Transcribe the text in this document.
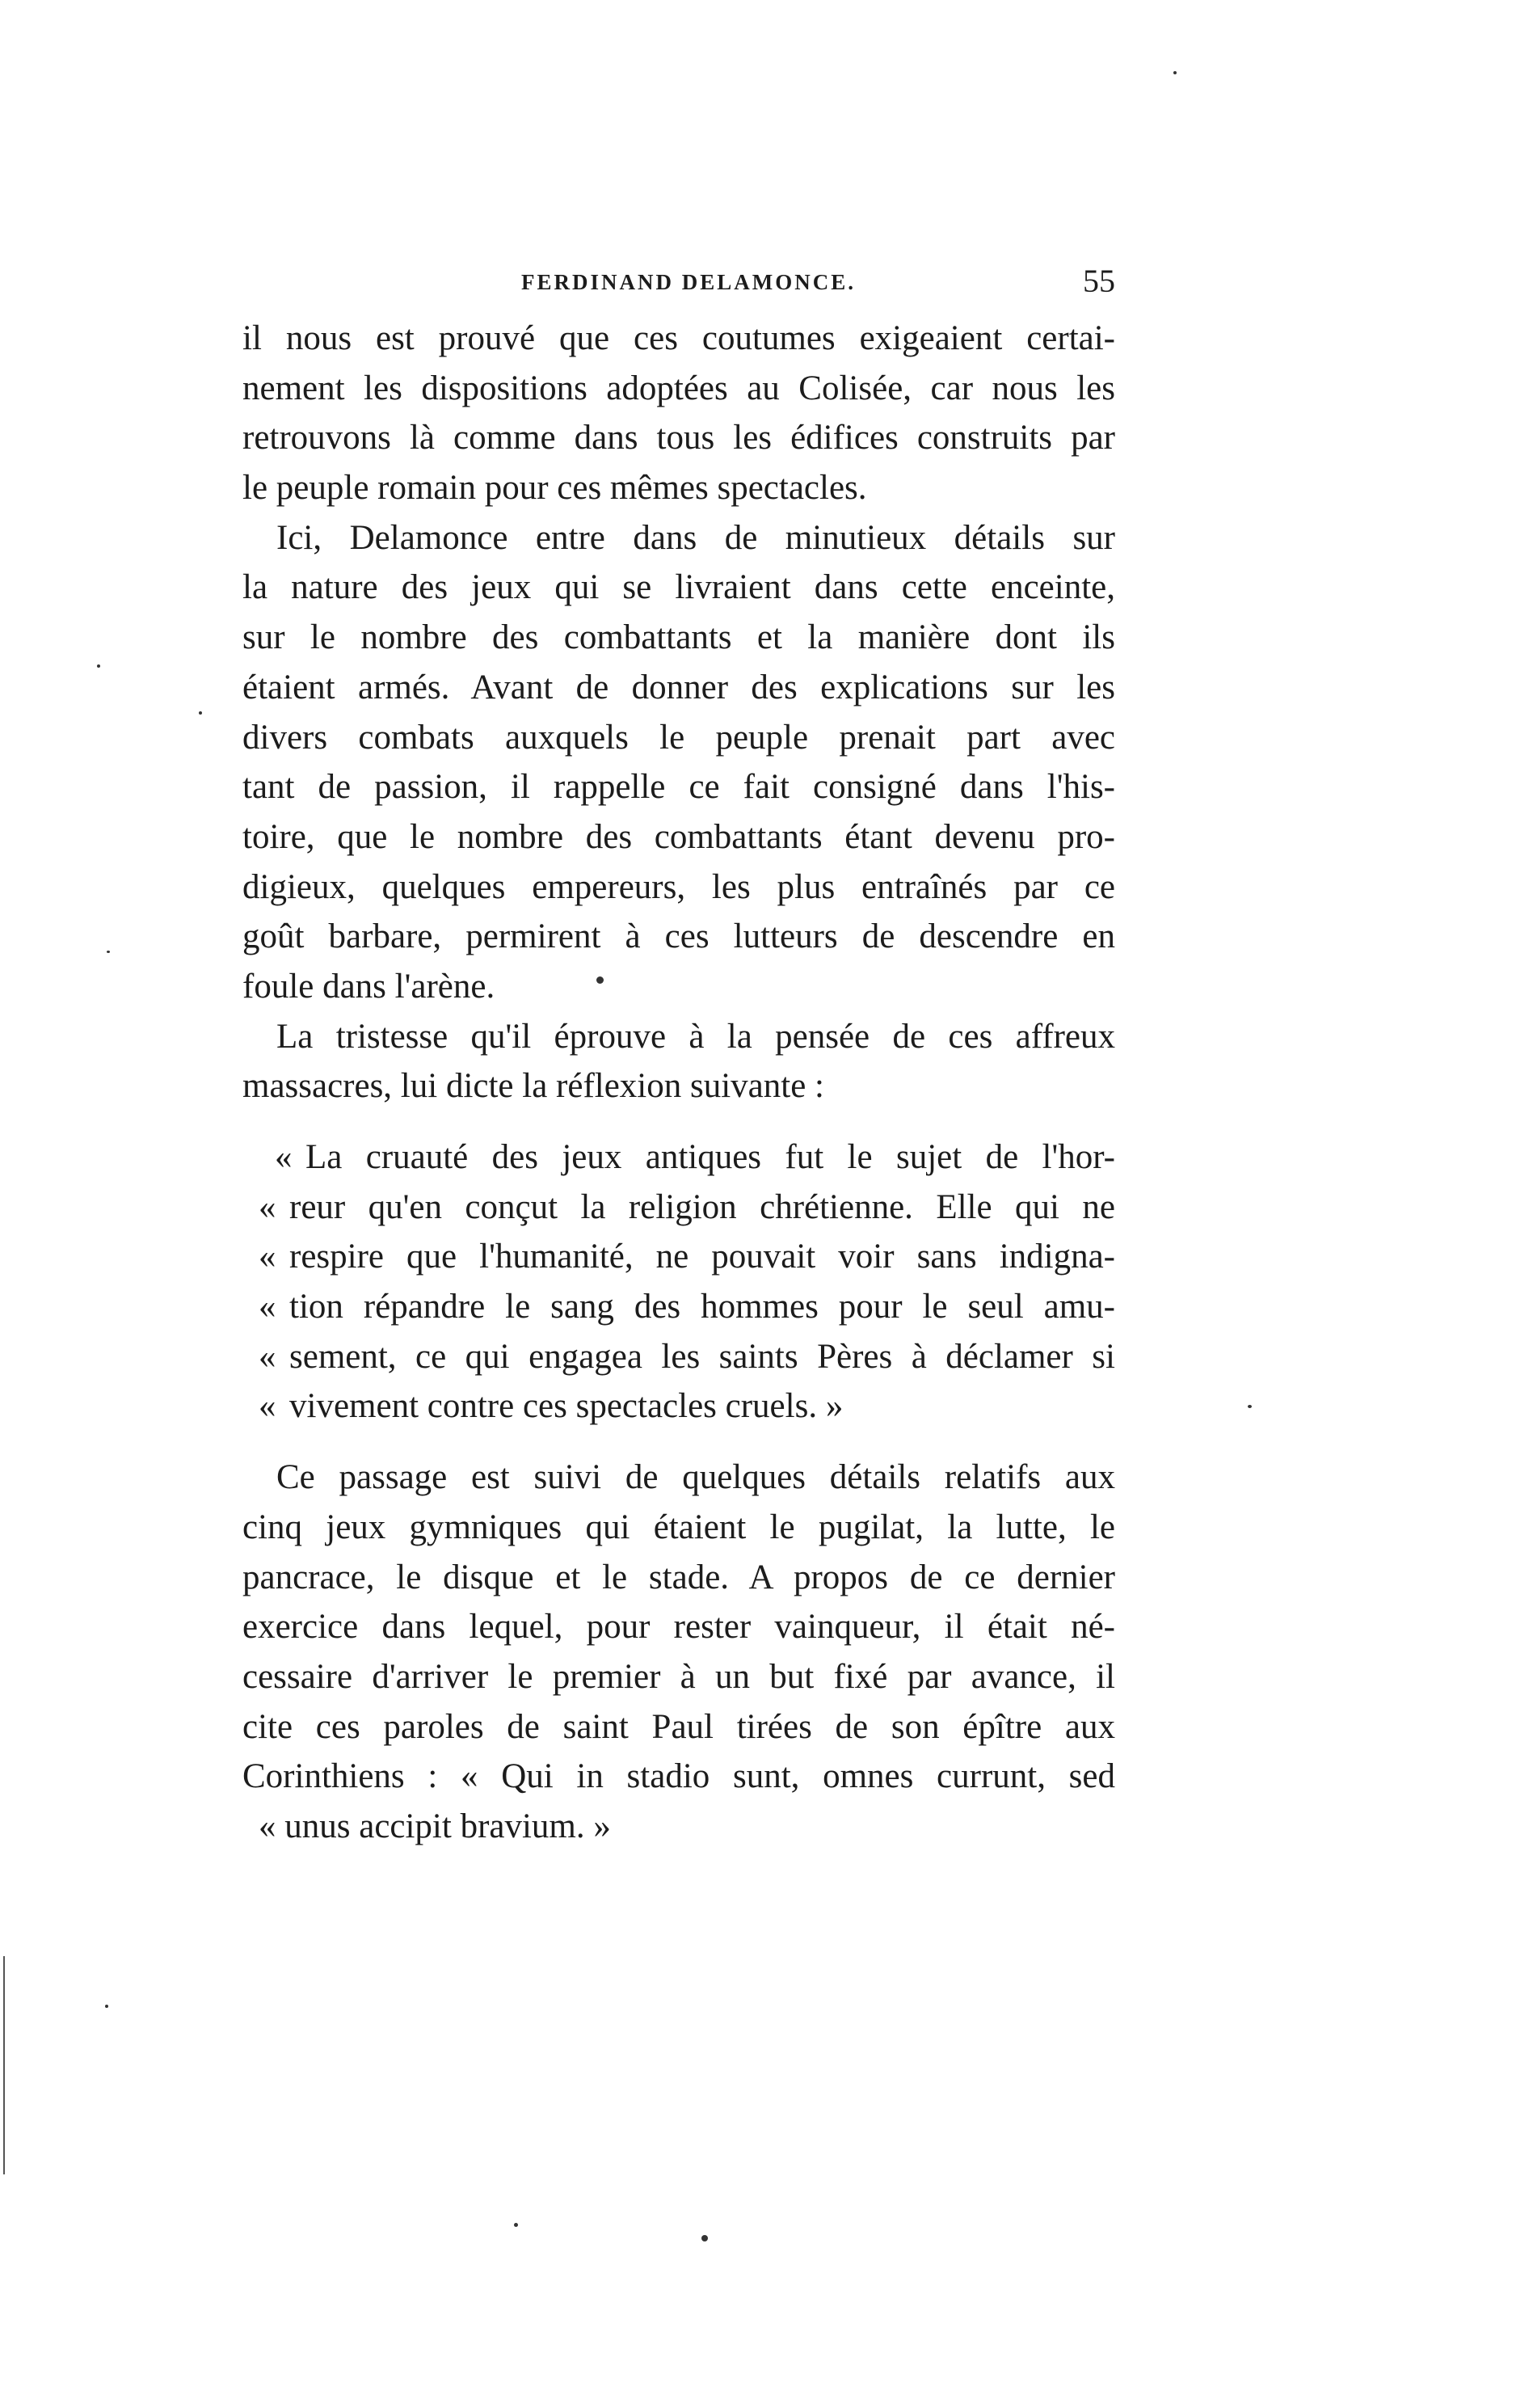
FERDINAND DELAMONCE.	55
il nous est prouvé que ces coutumes exigeaient certai-
nement les dispositions adoptées au Colisée, car nous les
retrouvons là comme dans tous les édifices construits par
le peuple romain pour ces mêmes spectacles.
Ici, Delamonce entre dans de minutieux détails sur
la nature des jeux qui se livraient dans cette enceinte,
sur le nombre des combattants et la manière dont ils
étaient armés. Avant de donner des explications sur les
divers combats auxquels le peuple prenait part avec
tant de passion, il rappelle ce fait consigné dans l'his-
toire, que le nombre des combattants étant devenu pro-
digieux, quelques empereurs, les plus entraînés par ce
goût barbare, permirent à ces lutteurs de descendre en
foule dans l'arène.
La tristesse qu'il éprouve à la pensée de ces affreux
massacres, lui dicte la réflexion suivante :
« La cruauté des jeux antiques fut le sujet de l'hor-
« reur qu'en conçut la religion chrétienne. Elle qui ne
« respire que l'humanité, ne pouvait voir sans indigna-
« tion répandre le sang des hommes pour le seul amu-
« sement, ce qui engagea les saints Pères à déclamer si
« vivement contre ces spectacles cruels. »
Ce passage est suivi de quelques détails relatifs aux
cinq jeux gymniques qui étaient le pugilat, la lutte, le
pancrace, le disque et le stade. A propos de ce dernier
exercice dans lequel, pour rester vainqueur, il était né-
cessaire d'arriver le premier à un but fixé par avance, il
cite ces paroles de saint Paul tirées de son épître aux
Corinthiens : « Qui in stadio sunt, omnes currunt, sed
« unus accipit bravium. »
